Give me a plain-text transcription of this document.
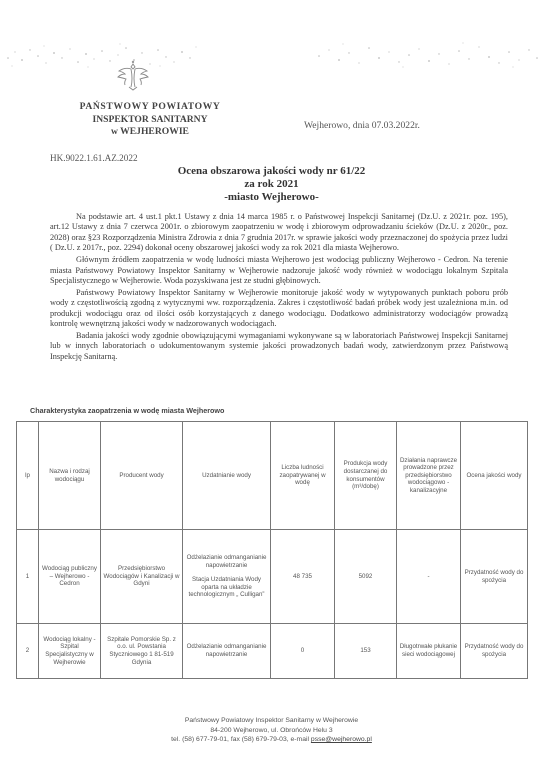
PAŃSTWOWY POWIATOWY
INSPEKTOR SANITARNY
w WEJHEROWIE
Wejherowo, dnia 07.03.2022r.
HK.9022.1.61.AZ.2022
Ocena obszarowa jakości wody nr 61/22
za rok 2021
-miasto Wejherowo-

Na podstawie art. 4 ust.1 pkt.1 Ustawy z dnia 14 marca 1985 r. o Państwowej Inspekcji Sanitarnej (Dz.U. z 2021r. poz. 195), art.12 Ustawy z dnia 7 czerwca 2001r. o zbiorowym zaopatrzeniu w wodę i zbiorowym odprowadzaniu ścieków (Dz.U. z 2020r., poz. 2028) oraz §23 Rozporządzenia Ministra Zdrowia z dnia 7 grudnia 2017r. w sprawie jakości wody przeznaczonej do spożycia przez ludzi ( Dz.U. z 2017r., poz. 2294) dokonał oceny obszarowej jakości wody za rok 2021 dla miasta Wejherowo.

Głównym źródłem zaopatrzenia w wodę ludności miasta Wejherowo jest wodociąg publiczny Wejherowo - Cedron. Na terenie miasta Państwowy Powiatowy Inspektor Sanitarny w Wejherowie nadzoruje jakość wody również w wodociągu lokalnym Szpitala Specjalistycznego w Wejherowie. Woda pozyskiwana jest ze studni głębinowych.

Państwowy Powiatowy Inspektor Sanitarny w Wejherowie monitoruje jakość wody w wytypowanych punktach poboru prób wody z częstotliwością zgodną z wytycznymi ww. rozporządzenia. Zakres i częstotliwość badań próbek wody jest uzależniona m.in. od produkcji wodociągu oraz od ilości osób korzystających z danego wodociągu. Dodatkowo administratorzy wodociągów prowadzą kontrolę wewnętrzną jakości wody w nadzorowanych wodociągach.

Badania jakości wody zgodnie obowiązującymi wymaganiami wykonywane są w laboratoriach Państwowej Inspekcji Sanitarnej lub w innych laboratoriach o udokumentowanym systemie jakości prowadzonych badań wody, zatwierdzonym przez Państwową Inspekcję Sanitarną.

Charakterystyka zaopatrzenia w wodę miasta Wejherowo
lp	Nazwa i rodzaj wodociągu	Producent wody	Uzdatnianie wody	Liczba ludności zaopatrywanej w wodę	Produkcja wody dostarczanej do konsumentów (m³/dobę)	Działania naprawcze prowadzone przez przedsiębiorstwo wodociągowo - kanalizacyjne	Ocena jakości wody
1	Wodociąg publiczny – Wejherowo - Cedron	Przedsiębiorstwo Wodociągów i Kanalizacji w Gdyni	Odżelazianie odmanganianie napowietrzanie
Stacja Uzdatniania Wody oparta na układzie technologicznym „ Culligan”	48 735	5092	-	Przydatność wody do spożycia
2	Wodociąg lokalny - Szpital Specjalistyczny w Wejherowie	Szpitale Pomorskie Sp. z o.o. ul. Powstania Styczniowego 1 81-519 Gdynia	Odżelazianie odmanganianie napowietrzanie	0	153	Długotrwałe płukanie sieci wodociągowej	Przydatność wody do spożycia
Państwowy Powiatowy Inspektor Sanitarny w Wejherowie
84-200 Wejherowo, ul. Obrońców Helu 3
tel. (58) 677-79-01, fax (58) 679-79-03, e-mail psse@wejherowo.pl
